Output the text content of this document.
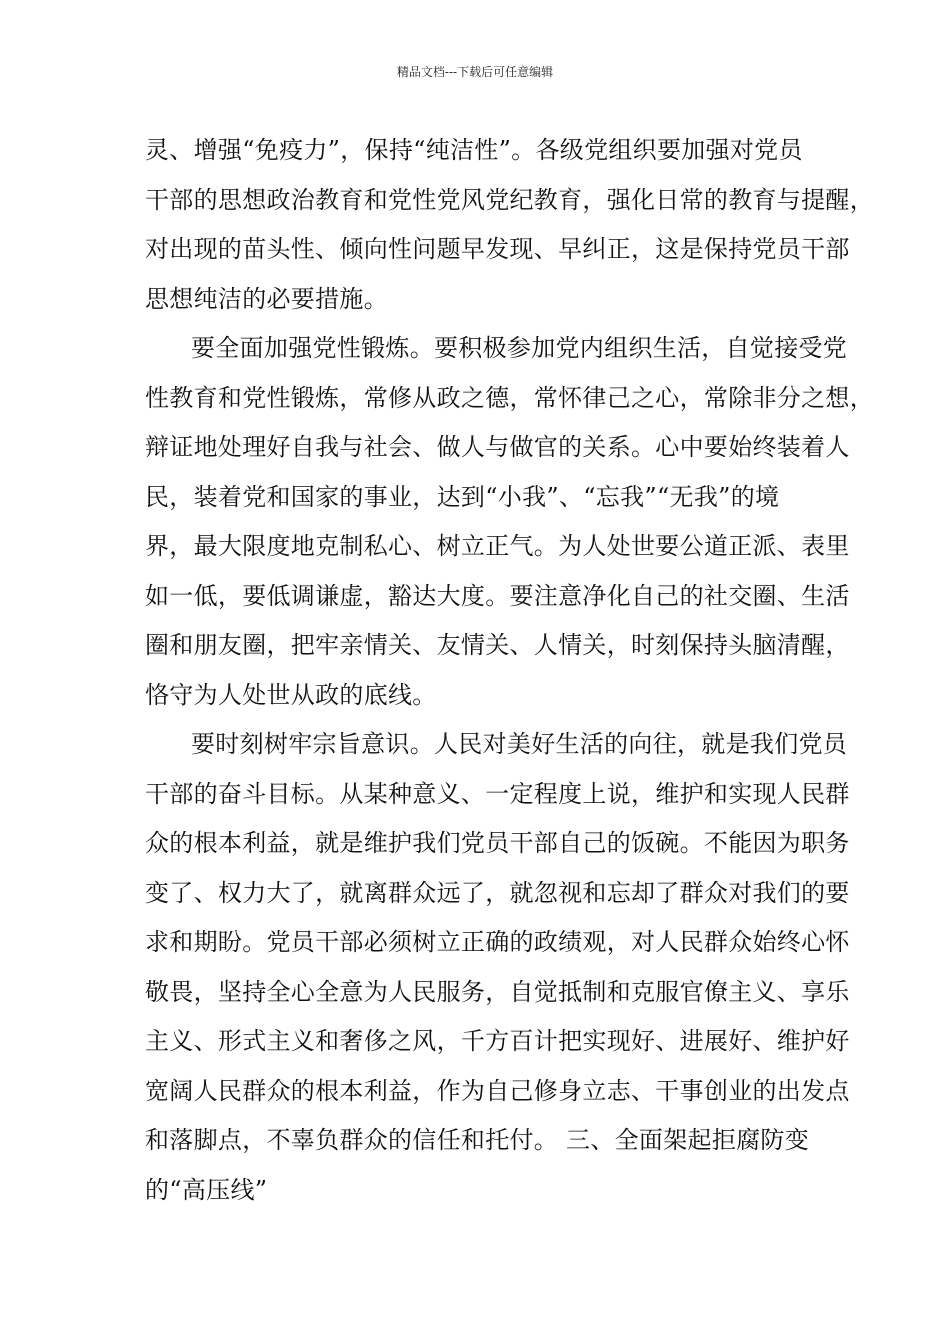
精品文档---下载后可任意编辑
灵、增强“免疫力”，保持“纯洁性”。各级党组织要加强对党员
干部的思想政治教育和党性党风党纪教育，强化日常的教育与提醒，
对出现的苗头性、倾向性问题早发现、早纠正，这是保持党员干部
思想纯洁的必要措施。
要全面加强党性锻炼。要积极参加党内组织生活，自觉接受党
性教育和党性锻炼，常修从政之德，常怀律己之心，常除非分之想，
辩证地处理好自我与社会、做人与做官的关系。心中要始终装着人
民，装着党和国家的事业，达到“小我”、“忘我”“无我”的境
界，最大限度地克制私心、树立正气。为人处世要公道正派、表里
如一低，要低调谦虚，豁达大度。要注意净化自己的社交圈、生活
圈和朋友圈，把牢亲情关、友情关、人情关，时刻保持头脑清醒，
恪守为人处世从政的底线。
要时刻树牢宗旨意识。人民对美好生活的向往，就是我们党员
干部的奋斗目标。从某种意义、一定程度上说，维护和实现人民群
众的根本利益，就是维护我们党员干部自己的饭碗。不能因为职务
变了、权力大了，就离群众远了，就忽视和忘却了群众对我们的要
求和期盼。党员干部必须树立正确的政绩观，对人民群众始终心怀
敬畏，坚持全心全意为人民服务，自觉抵制和克服官僚主义、享乐
主义、形式主义和奢侈之风，千方百计把实现好、进展好、维护好
宽阔人民群众的根本利益，作为自己修身立志、干事创业的出发点
和落脚点，不辜负群众的信任和托付。 三、全面架起拒腐防变
的“高压线”
